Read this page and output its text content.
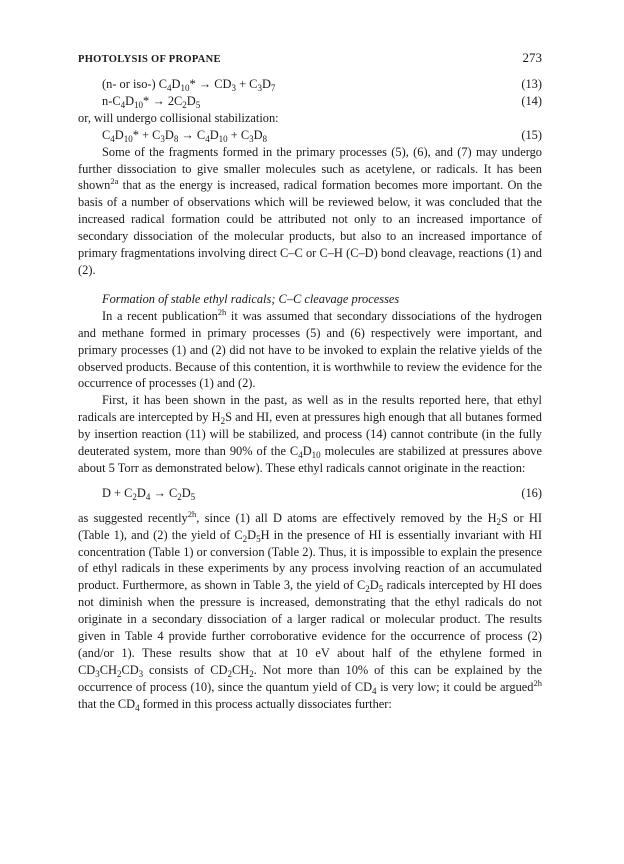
PHOTOLYSIS OF PROPANE	273
(n- or iso-) $C_4D_{10}* \to CD_3 + C_3D_7$	(13)
$n-C_4D_{10}* \to 2C_2D_5$	(14)

or, will undergo collisional stabilization:

$C_4D_{10}* + C_3D_8 \to C_4D_{10} + C_3D_8$	(15)

Some of the fragments formed in the primary processes (5), (6), and (7) may undergo further dissociation to give smaller molecules such as acetylene, or radicals. It has been shown$^{2a}$ that as the energy is increased, radical formation becomes more important. On the basis of a number of observations which will be reviewed below, it was concluded that the increased radical formation could be attributed not only to an increased importance of secondary dissociation of the molecular products, but also to an increased importance of primary fragmentations involving direct C–C or C–H (C–D) bond cleavage, reactions (1) and (2).

Formation of stable ethyl radicals; C–C cleavage processes

In a recent publication$^{2h}$ it was assumed that secondary dissociations of the hydrogen and methane formed in primary processes (5) and (6) respectively were important, and primary processes (1) and (2) did not have to be invoked to explain the relative yields of the observed products. Because of this contention, it is worthwhile to review the evidence for the occurrence of processes (1) and (2).

First, it has been shown in the past, as well as in the results reported here, that ethyl radicals are intercepted by $H_2S$ and HI, even at pressures high enough that all butanes formed by insertion reaction (11) will be stabilized, and process (14) cannot contribute (in the fully deuterated system, more than 90% of the $C_4D_{10}$ molecules are stabilized at pressures above about 5 Torr as demonstrated below). These ethyl radicals cannot originate in the reaction:

$D + C_2D_4 \to C_2D_5$	(16)

as suggested recently$^{2h}$, since (1) all D atoms are effectively removed by the $H_2S$ or HI (Table 1), and (2) the yield of $C_2D_5H$ in the presence of HI is essentially invariant with HI concentration (Table 1) or conversion (Table 2). Thus, it is impossible to explain the presence of ethyl radicals in these experiments by any process involving reaction of an accumulated product. Furthermore, as shown in Table 3, the yield of $C_2D_5$ radicals intercepted by HI does not diminish when the pressure is increased, demonstrating that the ethyl radicals do not originate in a secondary dissociation of a larger radical or molecular product. The results given in Table 4 provide further corroborative evidence for the occurrence of process (2) (and/or 1). These results show that at 10 eV about half of the ethylene formed in $CD_3CH_2CD_3$ consists of $CD_2CH_2$. Not more than 10% of this can be explained by the occurrence of process (10), since the quantum yield of $CD_4$ is very low; it could be argued$^{2h}$ that the $CD_4$ formed in this process actually dissociates further:
